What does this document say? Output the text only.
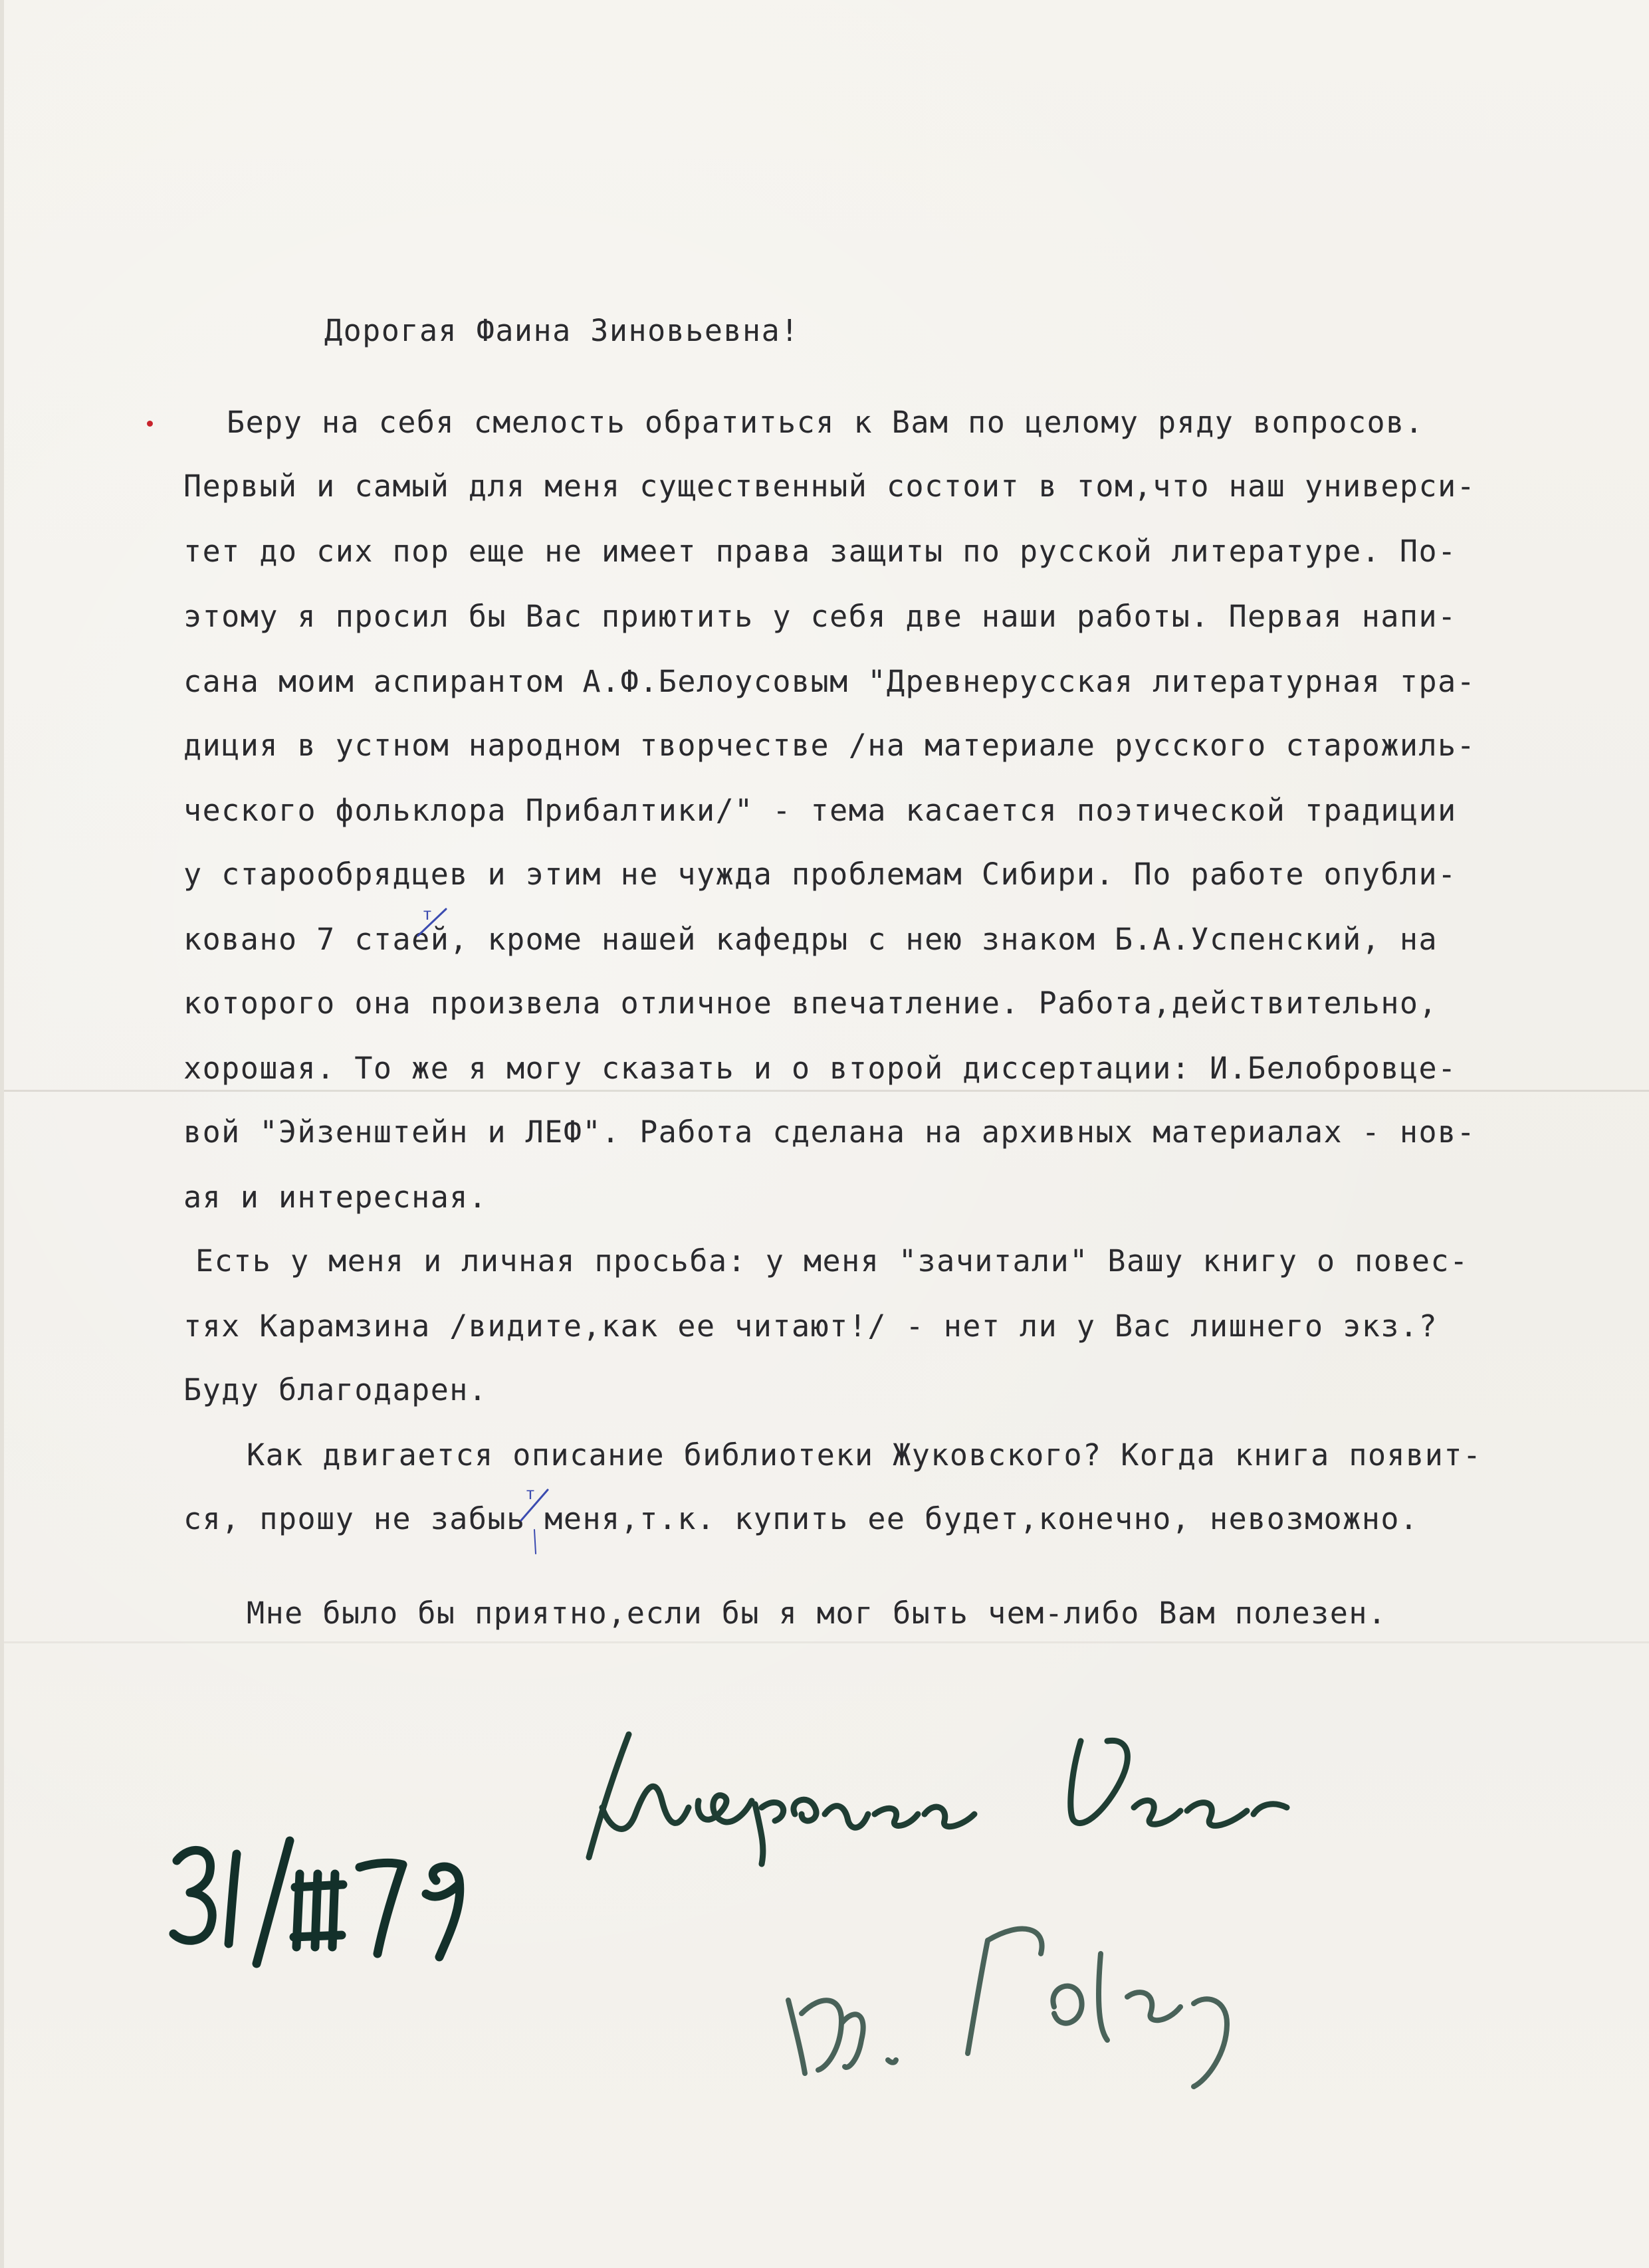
Дорогая Фаина Зиновьевна!
Беру на себя смелость обратиться к Вам по целому ряду вопросов.
Первый и самый для меня существенный состоит в том,что наш универси-
тет до сих пор еще не имеет права защиты по русской литературе. По-
этому я просил бы Вас приютить у себя две наши работы. Первая напи-
сана моим аспирантом А.Ф.Белоусовым "Древнерусская литературная тра-
диция в устном народном творчестве /на материале русского старожиль-
ческого фольклора Прибалтики/" - тема касается поэтической традиции
у старообрядцев и этим не чужда проблемам Сибири. По работе опубли-
ковано 7 стаей, кроме нашей кафедры с нею знаком Б.А.Успенский, на
которого она произвела отличное впечатление. Работа,действительно,
хорошая. То же я могу сказать и о второй диссертации: И.Белобровце-
вой "Эйзенштейн и ЛЕФ". Работа сделана на архивных материалах - нов-
ая и интересная.
Есть у меня и личная просьба: у меня "зачитали" Вашу книгу о повес-
тях Карамзина /видите,как ее читают!/ - нет ли у Вас лишнего экз.?
Буду благодарен.
Как двигается описание библиотеки Жуковского? Когда книга появит-
ся, прошу не забыь меня,т.к. купить ее будет,конечно, невозможно.
Мне было бы приятно,если бы я мог быть чем-либо Вам полезен.
т
т
